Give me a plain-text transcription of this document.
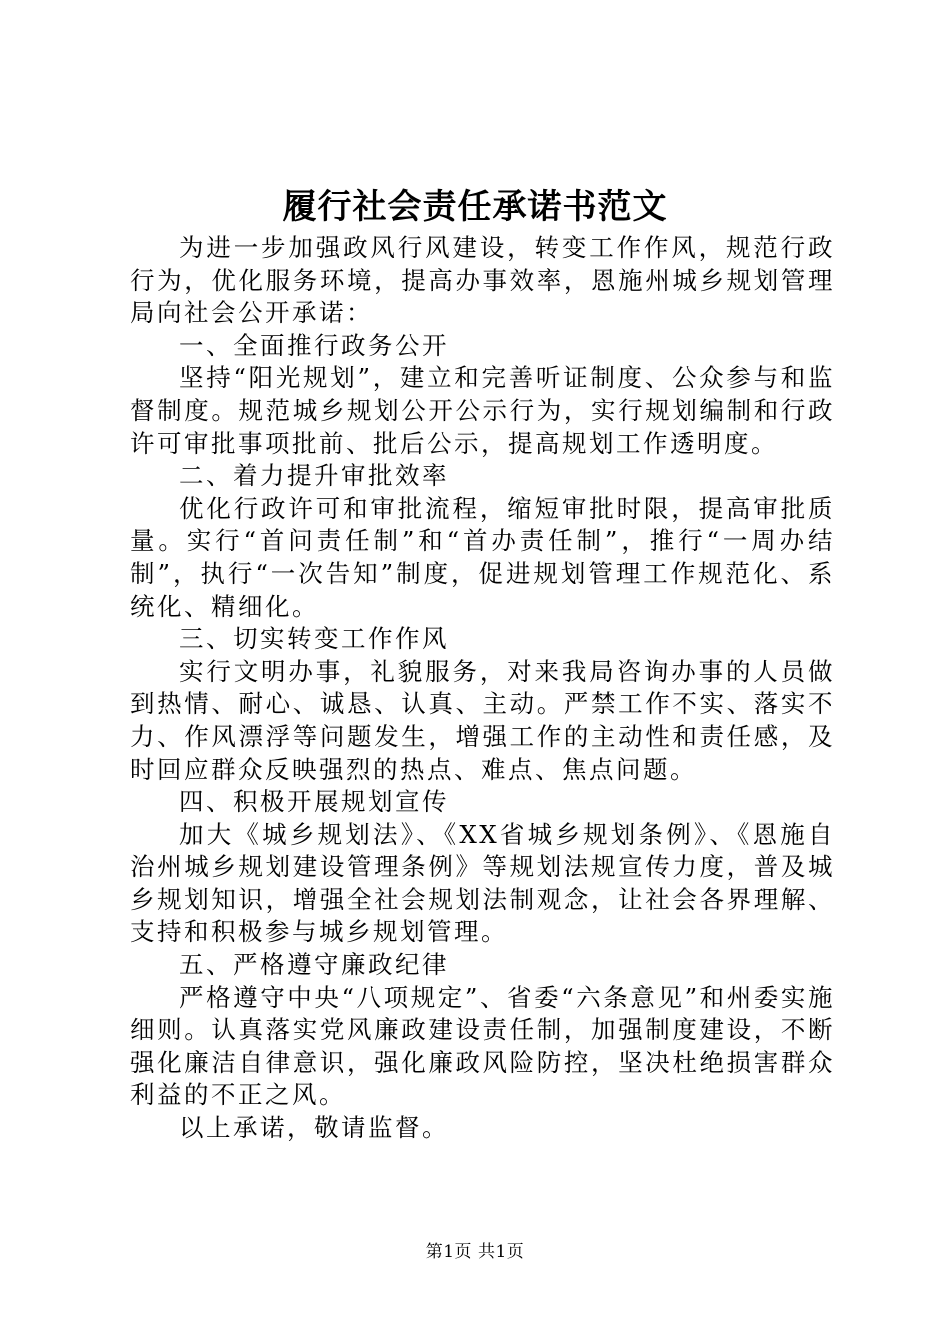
履行社会责任承诺书范文

为进一步加强政风行风建设，转变工作作风，规范行政行为，优化服务环境，提高办事效率，恩施州城乡规划管理局向社会公开承诺：

一、全面推行政务公开

坚持“阳光规划”，建立和完善听证制度、公众参与和监督制度。规范城乡规划公开公示行为，实行规划编制和行政许可审批事项批前、批后公示，提高规划工作透明度。

二、着力提升审批效率

优化行政许可和审批流程，缩短审批时限，提高审批质量。实行“首问责任制”和“首办责任制”，推行“一周办结制”，执行“一次告知”制度，促进规划管理工作规范化、系统化、精细化。

三、切实转变工作作风

实行文明办事，礼貌服务，对来我局咨询办事的人员做到热情、耐心、诚恳、认真、主动。严禁工作不实、落实不力、作风漂浮等问题发生，增强工作的主动性和责任感，及时回应群众反映强烈的热点、难点、焦点问题。

四、积极开展规划宣传

加大《城乡规划法》、《XX省城乡规划条例》、《恩施自治州城乡规划建设管理条例》等规划法规宣传力度，普及城乡规划知识，增强全社会规划法制观念，让社会各界理解、支持和积极参与城乡规划管理。

五、严格遵守廉政纪律

严格遵守中央“八项规定”、省委“六条意见”和州委实施细则。认真落实党风廉政建设责任制，加强制度建设，不断强化廉洁自律意识，强化廉政风险防控，坚决杜绝损害群众利益的不正之风。

以上承诺，敬请监督。

第1页 共1页
